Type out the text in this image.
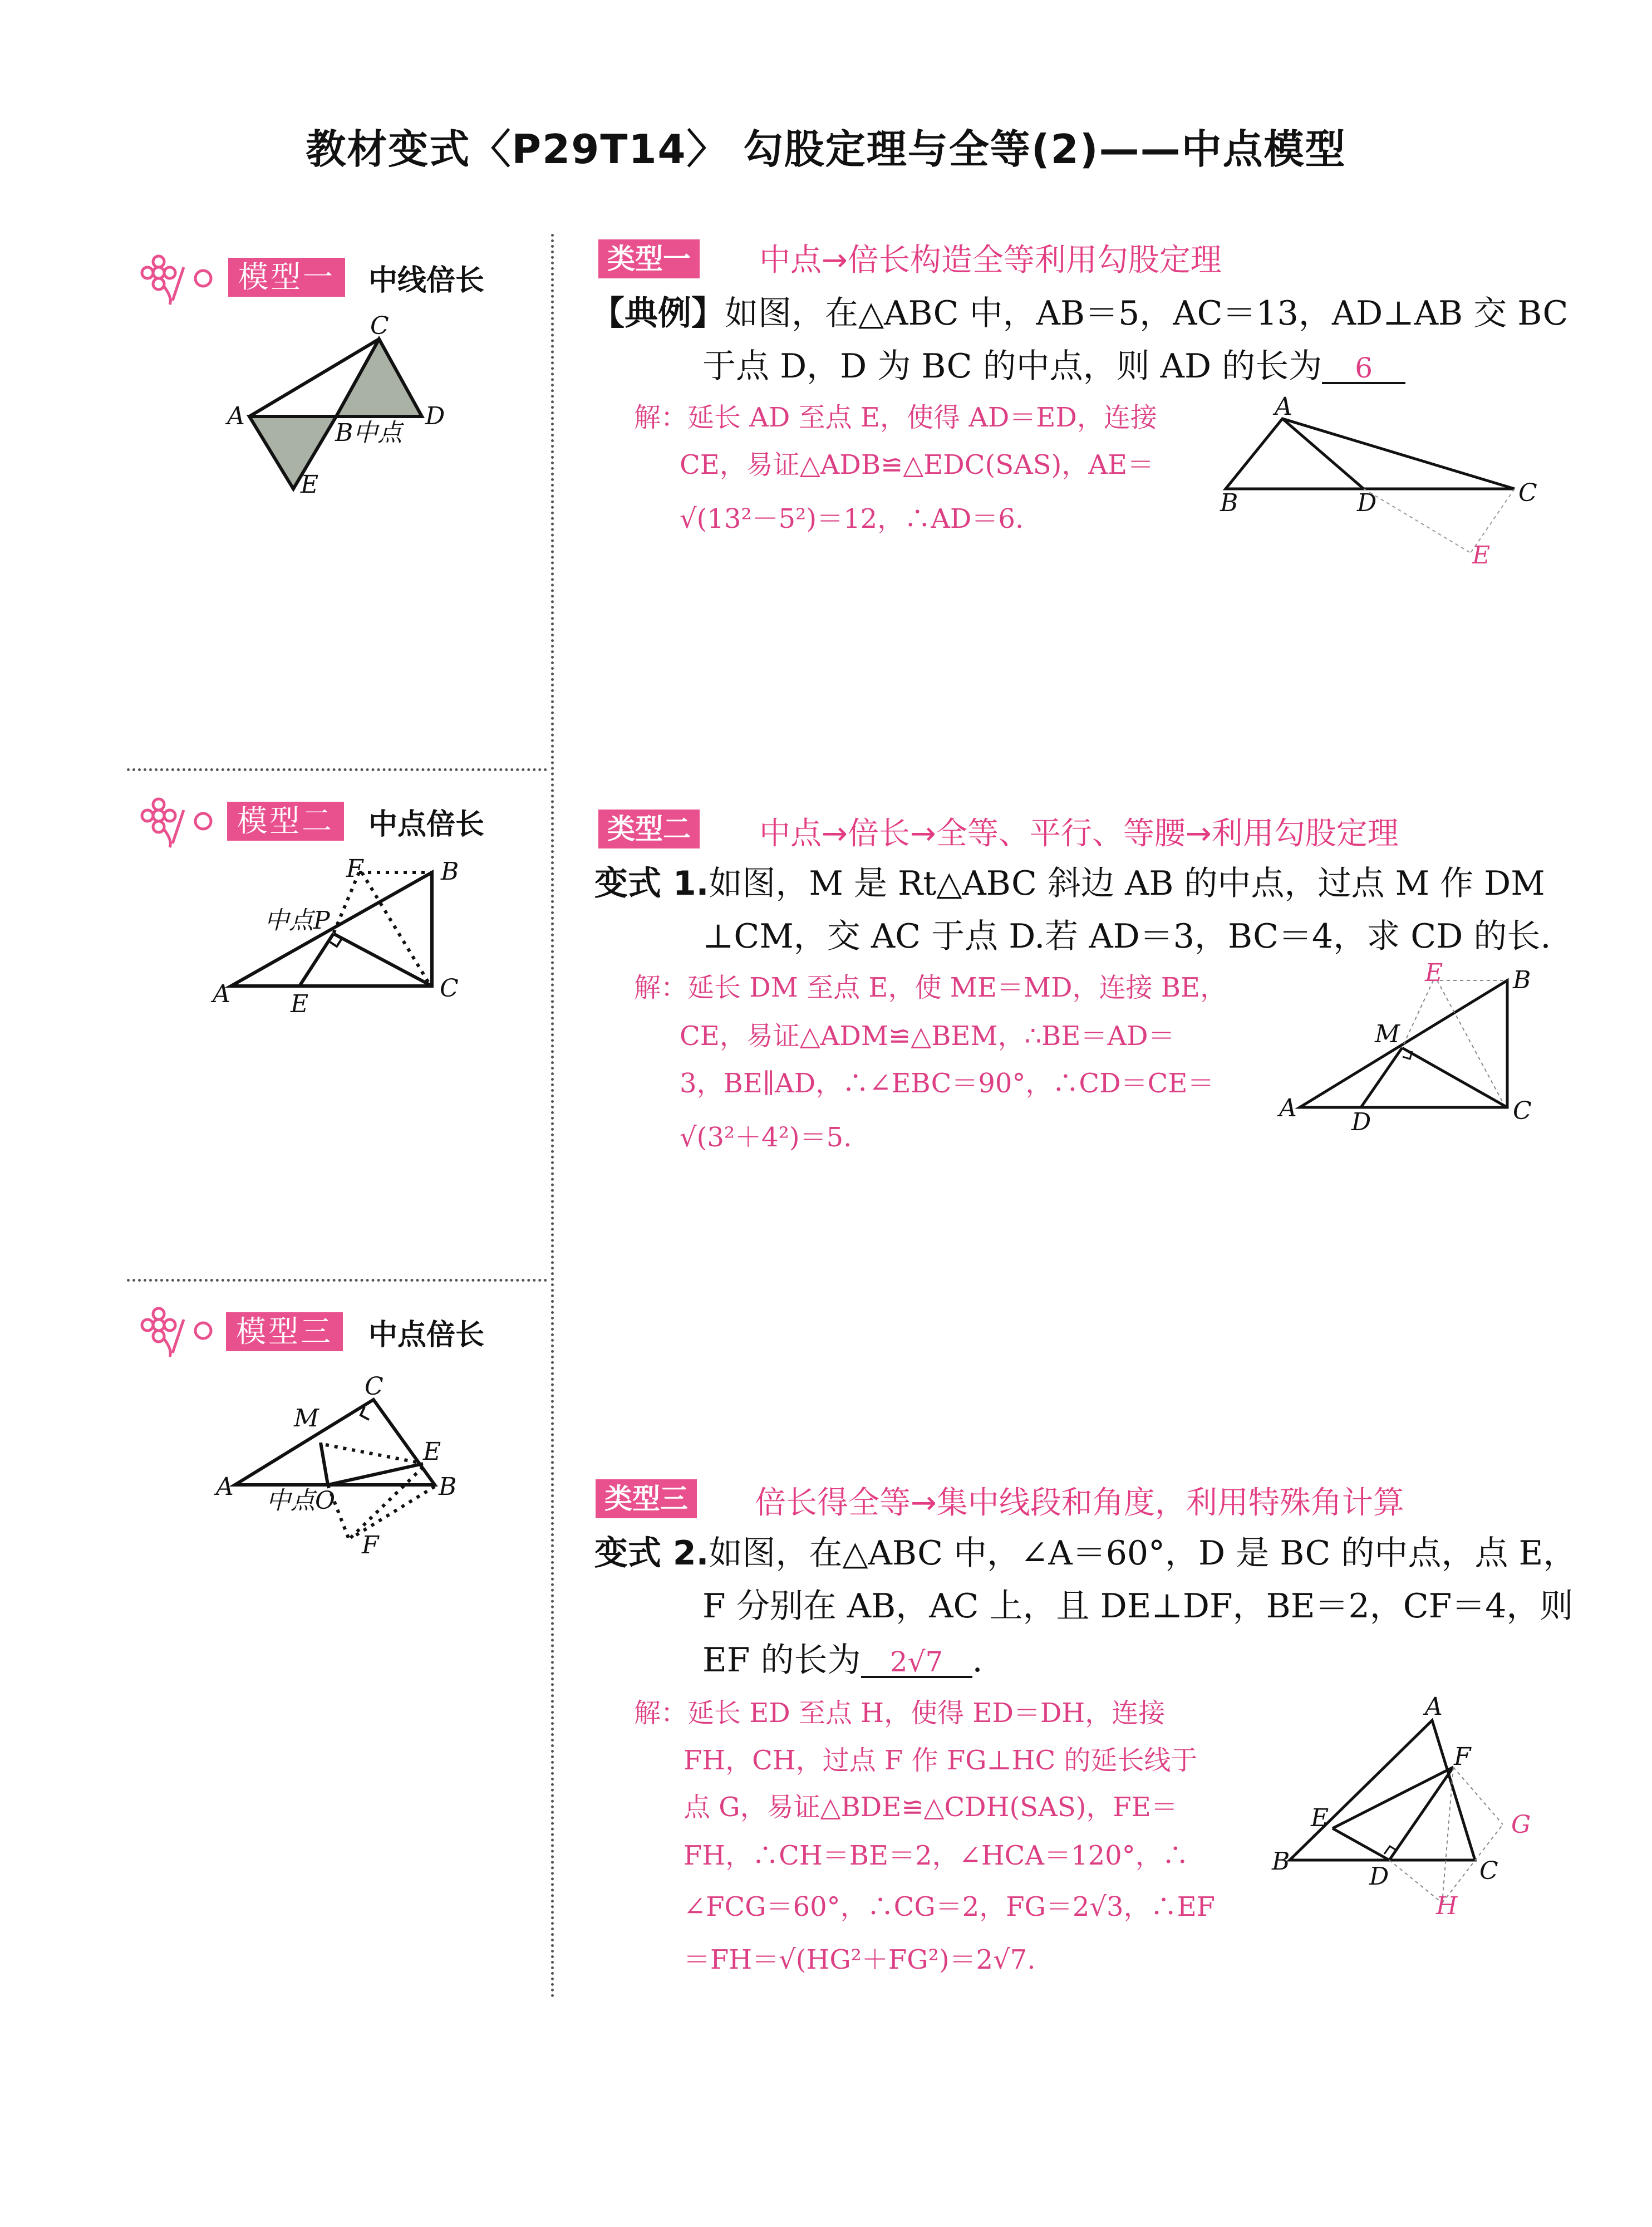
教材变式〈P29T14〉 勾股定理与全等(2)——中点模型
模型一	中线倍长
模型二	中点倍长
模型三	中点倍长
类型一 中点→倍长构造全等利用勾股定理
【典例】如图，在△ABC 中，AB＝5，AC＝13，AD⊥AB 交 BC
于点 D，D 为 BC 的中点，则 AD 的长为 6
解：延长 AD 至点 E，使得 AD＝ED，连接
CE，易证△ADB≌△EDC(SAS)，AE＝
√(13²－5²)＝12，∴AD＝6.
类型二 中点→倍长→全等、平行、等腰→利用勾股定理
变式 1.如图，M 是 Rt△ABC 斜边 AB 的中点，过点 M 作 DM
⊥CM，交 AC 于点 D.若 AD＝3，BC＝4，求 CD 的长.
解：延长 DM 至点 E，使 ME＝MD，连接 BE，
CE，易证△ADM≌△BEM，∴BE＝AD＝
3，BE∥AD，∴∠EBC＝90°，∴CD＝CE＝
√(3²＋4²)＝5.
类型三 倍长得全等→集中线段和角度，利用特殊角计算
变式 2.如图，在△ABC 中，∠A＝60°，D 是 BC 的中点，点 E，
F 分别在 AB，AC 上，且 DE⊥DF，BE＝2，CF＝4，则
EF 的长为 2√7 .
解：延长 ED 至点 H，使得 ED＝DH，连接
FH，CH，过点 F 作 FG⊥HC 的延长线于
点 G，易证△BDE≌△CDH(SAS)，FE＝
FH，∴CH＝BE＝2，∠HCA＝120°，∴
∠FCG＝60°，∴CG＝2，FG＝2√3，∴EF
＝FH＝√(HG²＋FG²)＝2√7.
C
A
B中点
D
E
F	B
中点P
A E
C
C
M
E
A 中点O	B
F
A
B	D	C
E
E	B
M
A D	C
A
F
E
B
D	C
G
H
